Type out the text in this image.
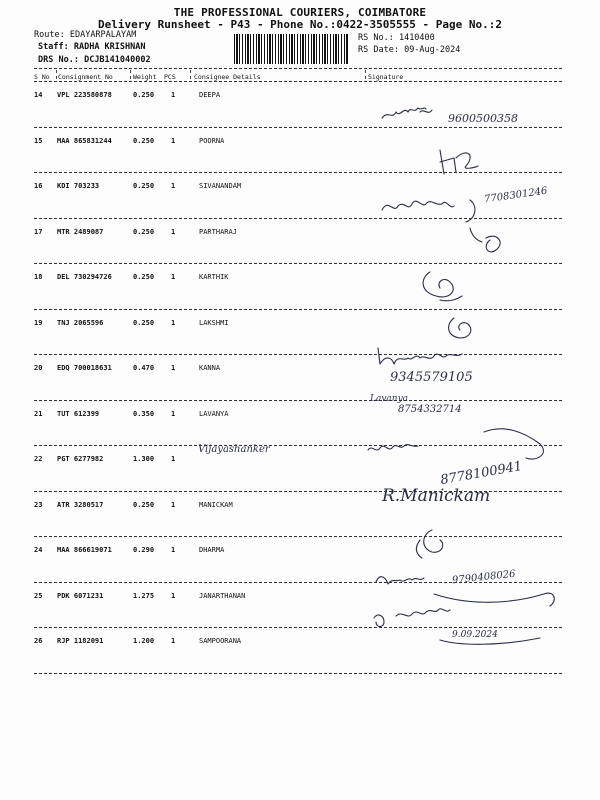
THE PROFESSIONAL COURIERS, COIMBATORE
Delivery Runsheet - P43 - Phone No.:0422-3505555 - Page No.:2
Route: EDAYARPALAYAM
Staff: RADHA KRISHNAN
DRS No.: DCJB141040002
RS No.: 1410400
RS Date: 09-Aug-2024
S No Consignment No	Weight PCS	Consignee Details	Signature
14 VPL 223580878	0.250 1	DEEPA
15 MAA 865831244	0.250 1	POORNA
16 KDI 703233	0.250 1	SIVANANDAM
17 MTR 2489087	0.250 1	PARTHARAJ
18 DEL 730294726	0.250 1	KARTHIK
19 TNJ 2065596	0.250 1	LAKSHMI
20 EDQ 700018631	0.470 1	KANNA
21 TUT 612399	0.350 1	LAVANYA
22 PGT 6277982	1.300 1
23 ATR 3280517	0.250 1	MANICKAM
24 MAA 866619071	0.290 1	DHARMA
25 PDK 6071231	1.275 1	JANARTHANAN
26 RJP 1182091	1.200 1	SAMPOORANA
9600500358
7708301246
9345579105
Lavanya
8754332714
Vijayashanker
8778100941
R.Manickam
9790408026
9.09.2024
